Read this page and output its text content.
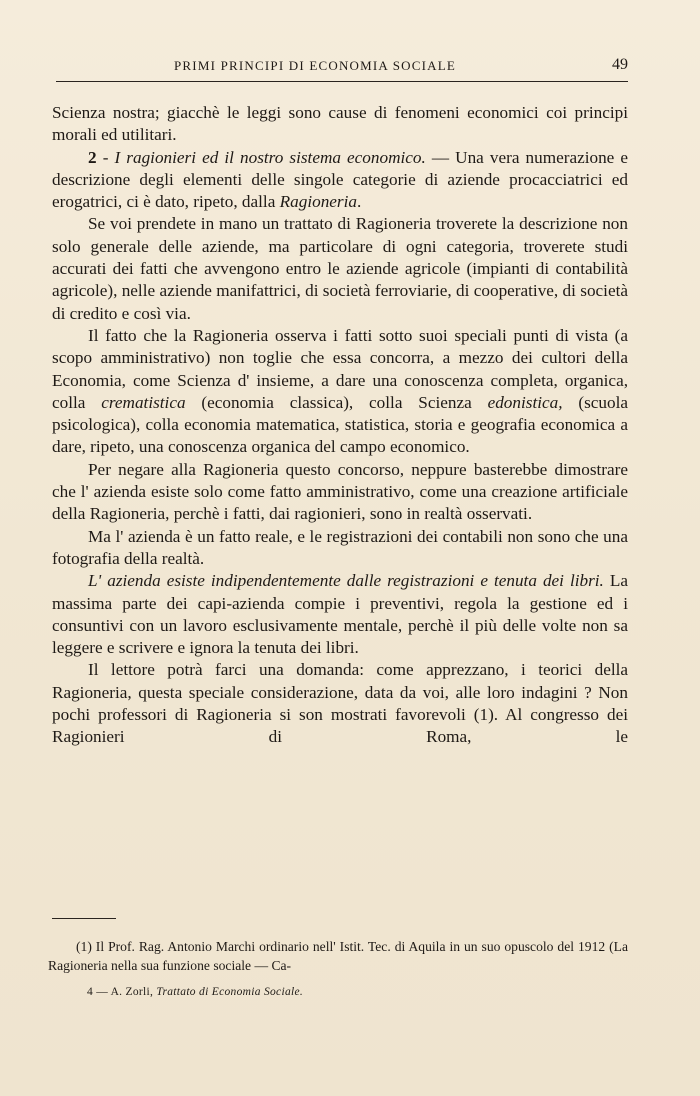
PRIMI PRINCIPI DI ECONOMIA SOCIALE	49

Scienza nostra; giacchè le leggi sono cause di fenomeni economici coi principi morali ed utilitari.

2 - I ragionieri ed il nostro sistema economico. — Una vera numerazione e descrizione degli elementi delle singole categorie di aziende procacciatrici ed erogatrici, ci è dato, ripeto, dalla Ragioneria.

Se voi prendete in mano un trattato di Ragioneria troverete la descrizione non solo generale delle aziende, ma particolare di ogni categoria, troverete studi accurati dei fatti che avvengono entro le aziende agricole (impianti di contabilità agricole), nelle aziende manifattrici, di società ferroviarie, di cooperative, di società di credito e così via.

Il fatto che la Ragioneria osserva i fatti sotto suoi speciali punti di vista (a scopo amministrativo) non toglie che essa concorra, a mezzo dei cultori della Economia, come Scienza d' insieme, a dare una conoscenza completa, organica, colla crematistica (economia classica), colla Scienza edonistica, (scuola psicologica), colla economia matematica, statistica, storia e geografia economica a dare, ripeto, una conoscenza organica del campo economico.

Per negare alla Ragioneria questo concorso, neppure basterebbe dimostrare che l' azienda esiste solo come fatto amministrativo, come una creazione artificiale della Ragioneria, perchè i fatti, dai ragionieri, sono in realtà osservati.

Ma l' azienda è un fatto reale, e le registrazioni dei contabili non sono che una fotografia della realtà.

L' azienda esiste indipendentemente dalle registrazioni e tenuta dei libri. La massima parte dei capi-azienda compie i preventivi, regola la gestione ed i consuntivi con un lavoro esclusivamente mentale, perchè il più delle volte non sa leggere e scrivere e ignora la tenuta dei libri.

Il lettore potrà farci una domanda: come apprezzano, i teorici della Ragioneria, questa speciale considerazione, data da voi, alle loro indagini ? Non pochi professori di Ragioneria si son mostrati favorevoli (1). Al congresso dei Ragionieri di Roma, le

(1) Il Prof. Rag. Antonio Marchi ordinario nell' Istit. Tec. di Aquila in un suo opuscolo del 1912 (La Ragioneria nella sua funzione sociale — Ca-

4 — A. Zorli, Trattato di Economia Sociale.
